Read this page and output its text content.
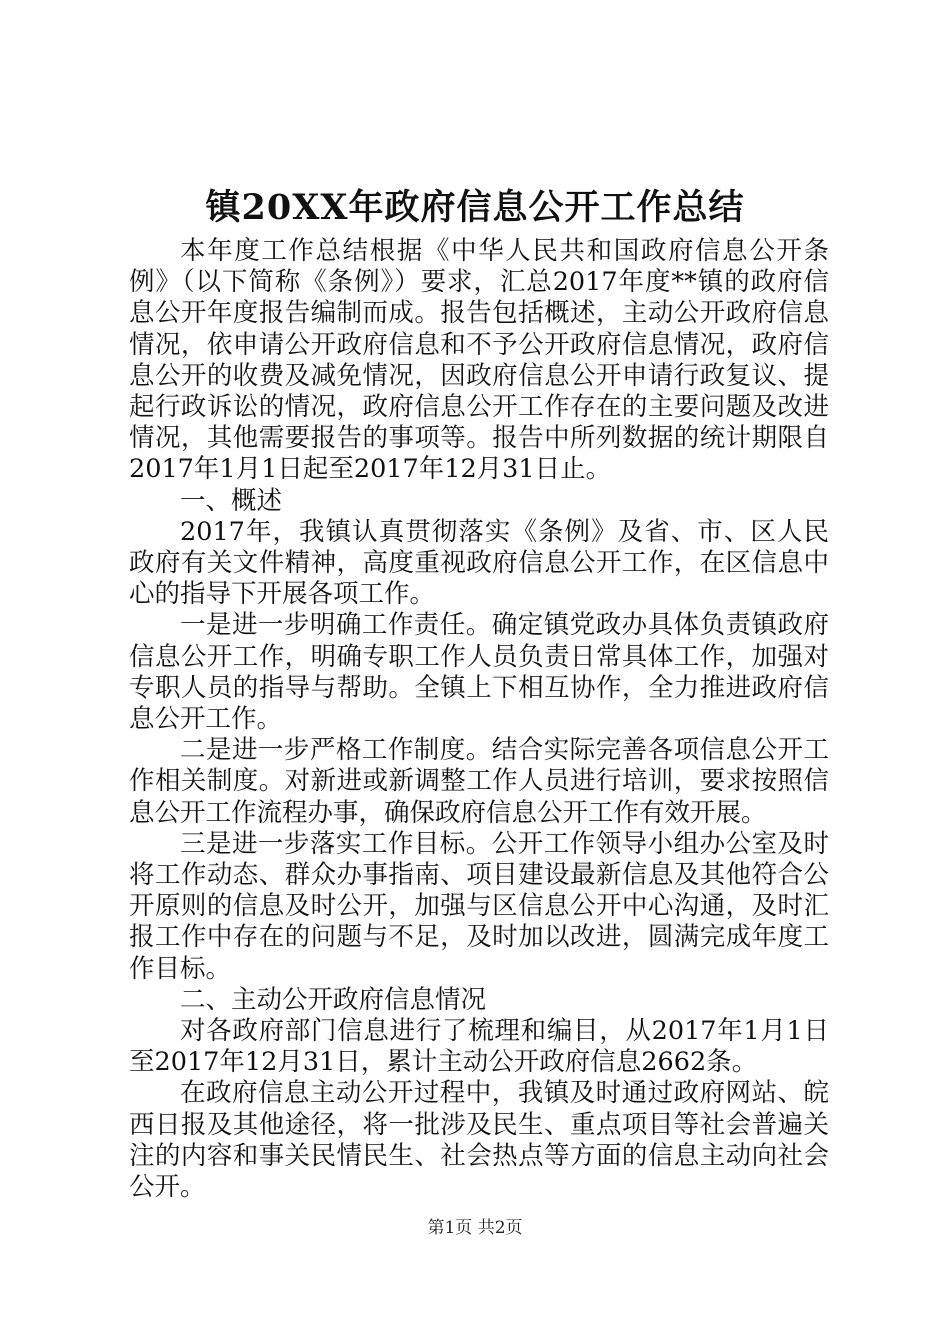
镇20XX年政府信息公开工作总结

本年度工作总结根据《中华人民共和国政府信息公开条例》（以下简称《条例》）要求，汇总2017年度**镇的政府信息公开年度报告编制而成。报告包括概述，主动公开政府信息情况，依申请公开政府信息和不予公开政府信息情况，政府信息公开的收费及减免情况，因政府信息公开申请行政复议、提起行政诉讼的情况，政府信息公开工作存在的主要问题及改进情况，其他需要报告的事项等。报告中所列数据的统计期限自2017年1月1日起至2017年12月31日止。

一、概述

2017年，我镇认真贯彻落实《条例》及省、市、区人民政府有关文件精神，高度重视政府信息公开工作，在区信息中心的指导下开展各项工作。

一是进一步明确工作责任。确定镇党政办具体负责镇政府信息公开工作，明确专职工作人员负责日常具体工作，加强对专职人员的指导与帮助。全镇上下相互协作，全力推进政府信息公开工作。

二是进一步严格工作制度。结合实际完善各项信息公开工作相关制度。对新进或新调整工作人员进行培训，要求按照信息公开工作流程办事，确保政府信息公开工作有效开展。

三是进一步落实工作目标。公开工作领导小组办公室及时将工作动态、群众办事指南、项目建设最新信息及其他符合公开原则的信息及时公开，加强与区信息公开中心沟通，及时汇报工作中存在的问题与不足，及时加以改进，圆满完成年度工作目标。

二、主动公开政府信息情况

对各政府部门信息进行了梳理和编目，从2017年1月1日至2017年12月31日，累计主动公开政府信息2662条。

在政府信息主动公开过程中，我镇及时通过政府网站、皖西日报及其他途径，将一批涉及民生、重点项目等社会普遍关注的内容和事关民情民生、社会热点等方面的信息主动向社会公开。

第1页 共2页
